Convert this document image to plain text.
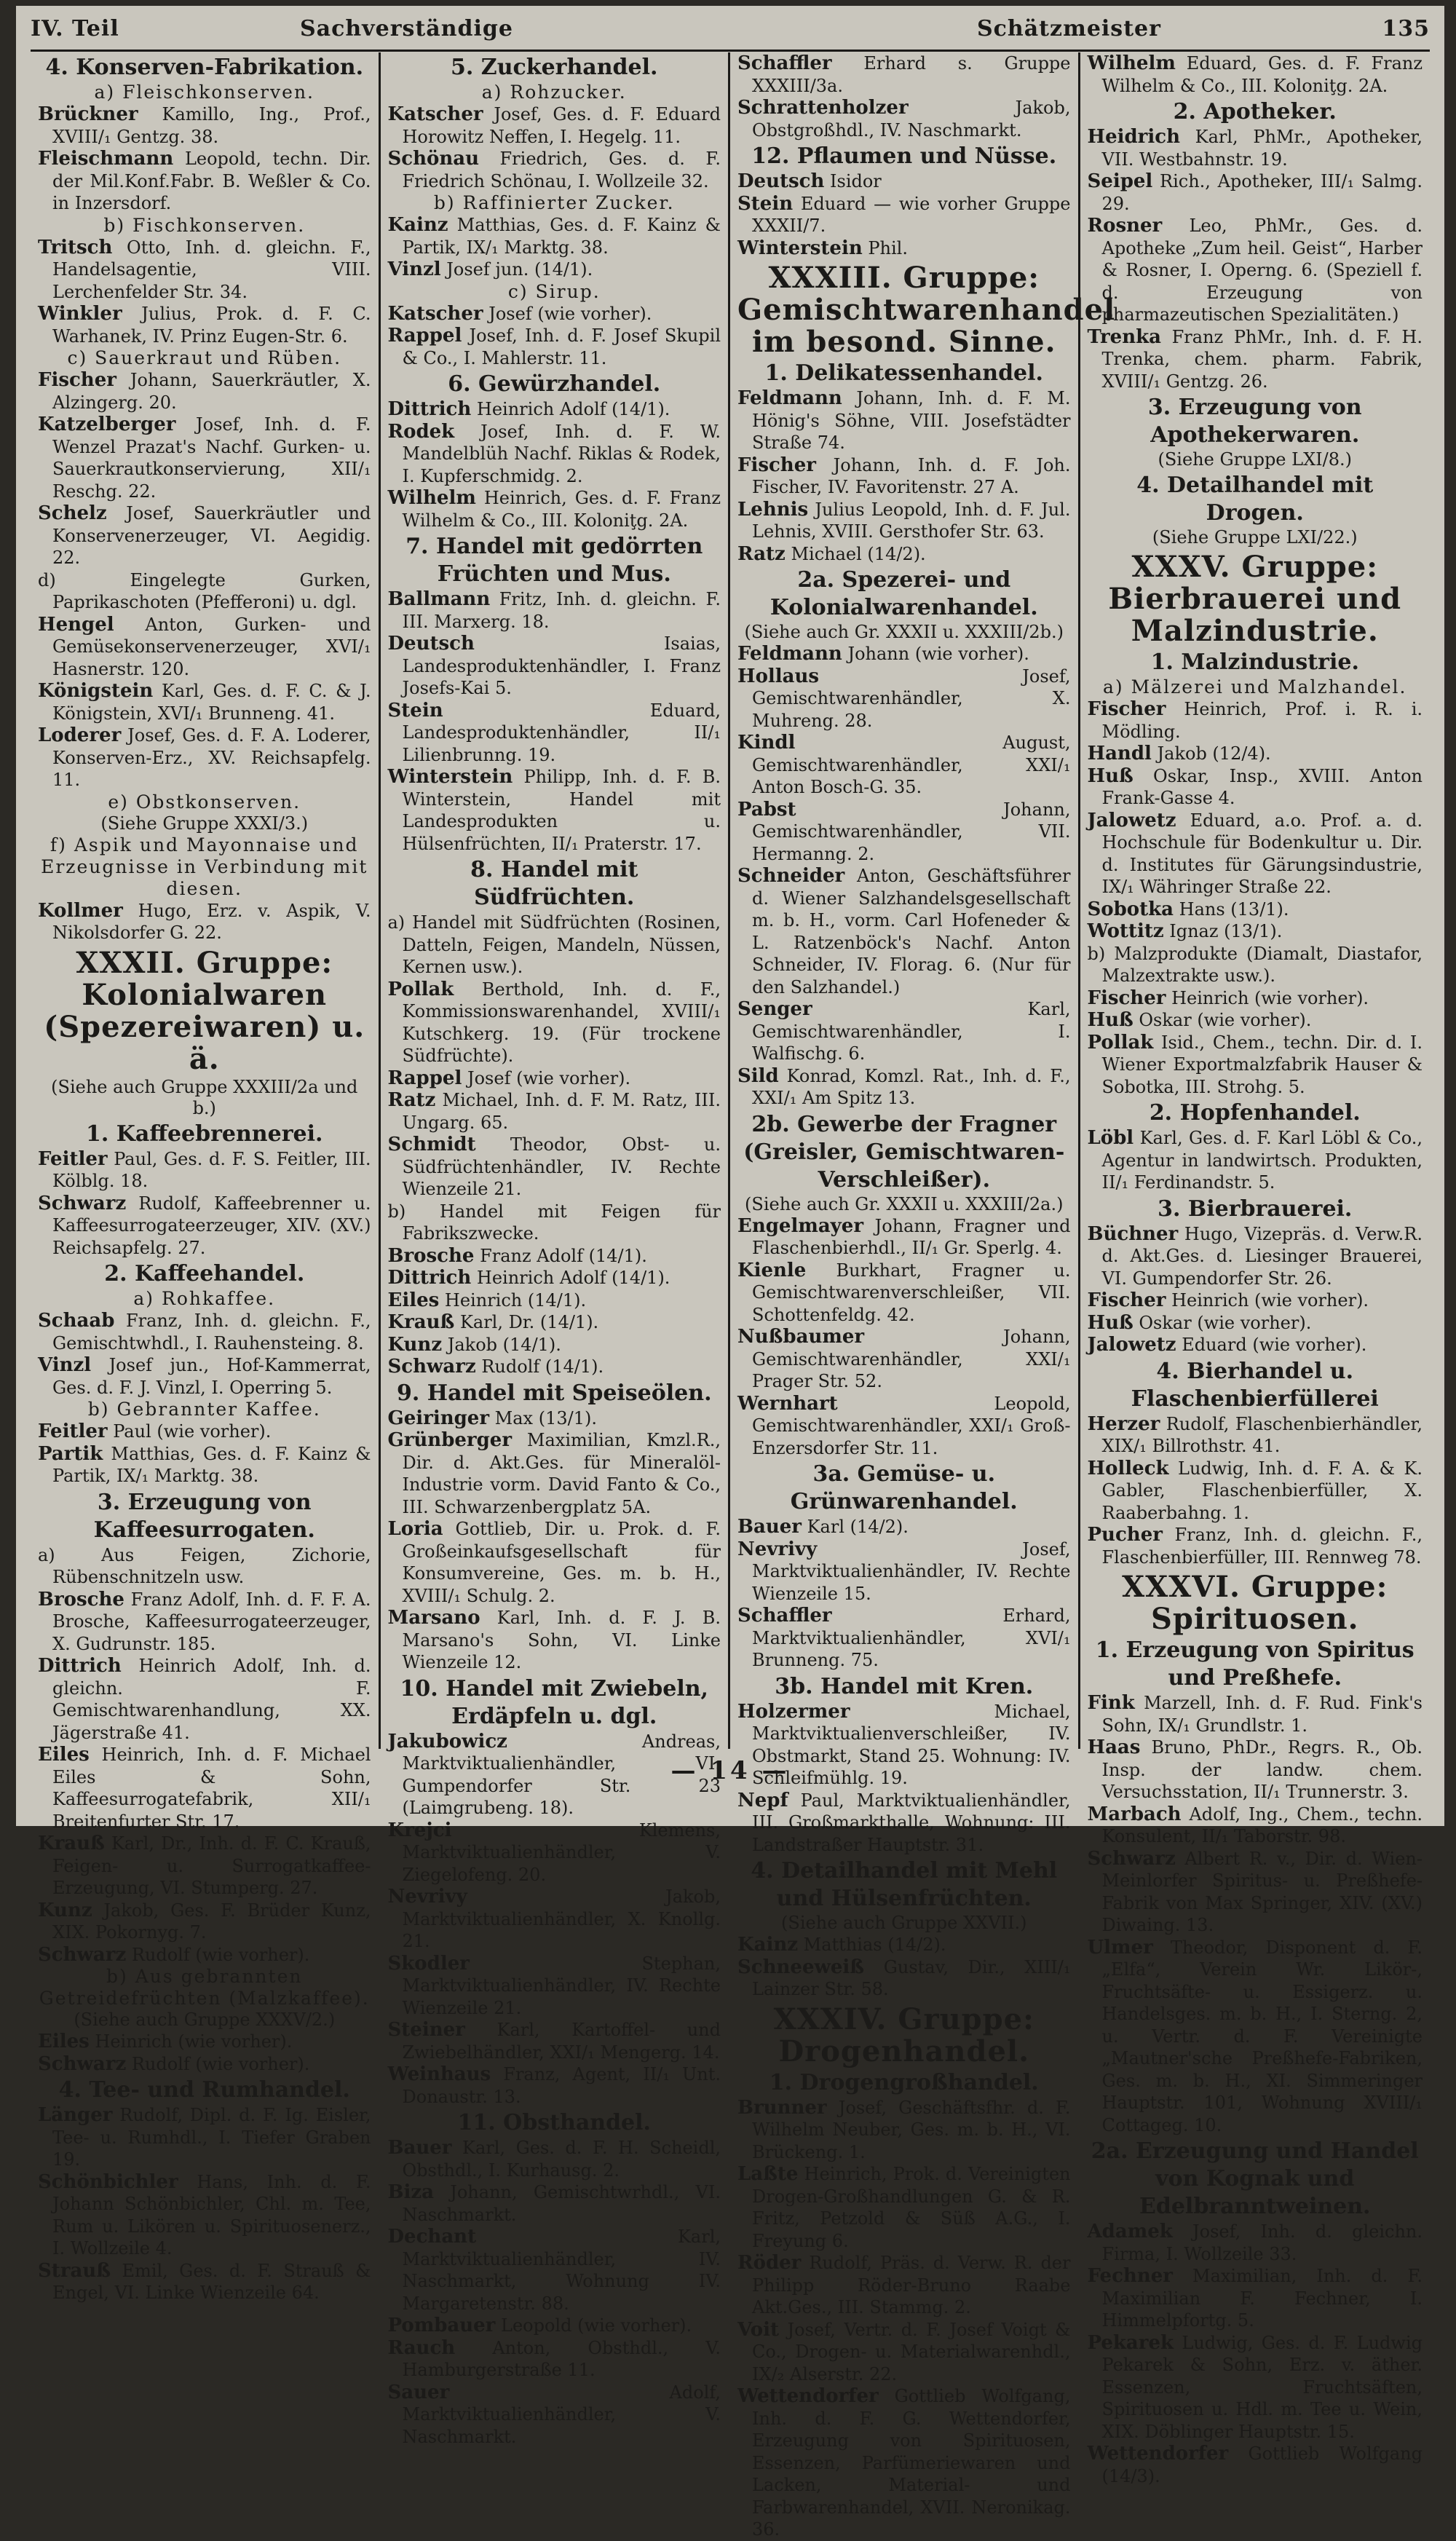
IV. Teil	Sachverständige	Schätzmeister	135
4. Konserven-Fabrikation.
a) Fleischkonserven.
Brückner Kamillo, Ing., Prof., XVIII/₁ Gentzg. 38.
Fleischmann Leopold, techn. Dir. der Mil.Konf.Fabr. B. Weßler & Co. in Inzersdorf.
b) Fischkonserven.
Tritsch Otto, Inh. d. gleichn. F., Handelsagentie, VIII. Lerchenfelder Str. 34.
Winkler Julius, Prok. d. F. C. Warhanek, IV. Prinz Eugen-Str. 6.
c) Sauerkraut und Rüben.
Fischer Johann, Sauerkräutler, X. Alzingerg. 20.
Katzelberger Josef, Inh. d. F. Wenzel Prazat's Nachf. Gurken- u. Sauerkrautkonservierung, XII/₁ Reschg. 22.
Schelz Josef, Sauerkräutler und Konservenerzeuger, VI. Aegidig. 22.
d) Eingelegte Gurken, Paprikaschoten (Pfefferoni) u. dgl.
Hengel Anton, Gurken- und Gemüsekonservenerzeuger, XVI/₁ Hasnerstr. 120.
Königstein Karl, Ges. d. F. C. & J. Königstein, XVI/₁ Brunneng. 41.
Loderer Josef, Ges. d. F. A. Loderer, Konserven-Erz., XV. Reichsapfelg. 11.
e) Obstkonserven.
(Siehe Gruppe XXXI/3.)
f) Aspik und Mayonnaise und Erzeugnisse in Verbindung mit diesen.
Kollmer Hugo, Erz. v. Aspik, V. Nikolsdorfer G. 22.
XXXII. Gruppe: Kolonialwaren (Spezereiwaren) u. ä.
(Siehe auch Gruppe XXXIII/2a und b.)
1. Kaffeebrennerei.
Feitler Paul, Ges. d. F. S. Feitler, III. Kölblg. 18.
Schwarz Rudolf, Kaffeebrenner u. Kaffeesurrogateerzeuger, XIV. (XV.) Reichsapfelg. 27.
2. Kaffeehandel.
a) Rohkaffee.
Schaab Franz, Inh. d. gleichn. F., Gemischtwhdl., I. Rauhensteing. 8.
Vinzl Josef jun., Hof-Kammerrat, Ges. d. F. J. Vinzl, I. Operring 5.
b) Gebrannter Kaffee.
Feitler Paul (wie vorher).
Partik Matthias, Ges. d. F. Kainz & Partik, IX/₁ Marktg. 38.
3. Erzeugung von Kaffeesurrogaten.
a) Aus Feigen, Zichorie, Rübenschnitzeln usw.
Brosche Franz Adolf, Inh. d. F. F. A. Brosche, Kaffeesurrogateerzeuger, X. Gudrunstr. 185.
Dittrich Heinrich Adolf, Inh. d. gleichn. F. Gemischtwarenhandlung, XX. Jägerstraße 41.
Eiles Heinrich, Inh. d. F. Michael Eiles & Sohn, Kaffeesurrogatefabrik, XII/₁ Breitenfurter Str. 17.
Krauß Karl, Dr., Inh. d. F. C. Krauß, Feigen- u. Surrogatkaffee-Erzeugung, VI. Stumperg. 27.
Kunz Jakob, Ges. F. Brüder Kunz, XIX. Pokornyg. 7.
Schwarz Rudolf (wie vorher).
b) Aus gebrannten Getreidefrüchten (Malzkaffee).
(Siehe auch Gruppe XXXV/2.)
Eiles Heinrich (wie vorher).
Schwarz Rudolf (wie vorher).
4. Tee- und Rumhandel.
Länger Rudolf, Dipl. d. F. Ig. Eisler, Tee- u. Rumhdl., I. Tiefer Graben 19.
Schönbichler Hans, Inh. d. F. Johann Schönbichler, Chl. m. Tee, Rum u. Likören u. Spirituosenerz., I. Wollzeile 4.
Strauß Emil, Ges. d. F. Strauß & Engel, VI. Linke Wienzeile 64.
5. Zuckerhandel.
a) Rohzucker.
Katscher Josef, Ges. d. F. Eduard Horowitz Neffen, I. Hegelg. 11.
Schönau Friedrich, Ges. d. F. Friedrich Schönau, I. Wollzeile 32.
b) Raffinierter Zucker.
Kainz Matthias, Ges. d. F. Kainz & Partik, IX/₁ Marktg. 38.
Vinzl Josef jun. (14/1).
c) Sirup.
Katscher Josef (wie vorher).
Rappel Josef, Inh. d. F. Josef Skupil & Co., I. Mahlerstr. 11.
6. Gewürzhandel.
Dittrich Heinrich Adolf (14/1).
Rodek Josef, Inh. d. F. W. Mandelblüh Nachf. Riklas & Rodek, I. Kupferschmidg. 2.
Wilhelm Heinrich, Ges. d. F. Franz Wilhelm & Co., III. Koloniţg. 2A.
7. Handel mit gedörrten Früchten und Mus.
Ballmann Fritz, Inh. d. gleichn. F. III. Marxerg. 18.
Deutsch	Isaias, Landesproduktenhändler, I. Franz Josefs-Kai 5.
Stein	Eduard, Landesproduktenhändler, II/₁ Lilienbrunng. 19.
Winterstein Philipp, Inh. d. F. B. Winterstein, Handel mit Landesprodukten u. Hülsenfrüchten, II/₁ Praterstr. 17.
8. Handel mit Südfrüchten.
a) Handel mit Südfrüchten (Rosinen, Datteln, Feigen, Mandeln, Nüssen, Kernen usw.).
Pollak Berthold, Inh. d. F., Kommissionswarenhandel, XVIII/₁ Kutschkerg. 19. (Für trockene Südfrüchte).
Rappel Josef (wie vorher).
Ratz Michael, Inh. d. F. M. Ratz, III. Ungarg. 65.
Schmidt Theodor, Obst- u. Südfrüchtenhändler, IV. Rechte Wienzeile 21.
b) Handel mit Feigen für Fabrikszwecke.
Brosche Franz Adolf (14/1).
Dittrich Heinrich Adolf (14/1).
Eiles Heinrich (14/1).
Krauß Karl, Dr. (14/1).
Kunz Jakob (14/1).
Schwarz Rudolf (14/1).
9. Handel mit Speiseölen.
Geiringer Max (13/1).
Grünberger Maximilian, Kmzl.R., Dir. d. Akt.Ges. für Mineralöl-Industrie vorm. David Fanto & Co., III. Schwarzenbergplatz 5A.
Loria Gottlieb, Dir. u. Prok. d. F. Großeinkaufsgesellschaft für Konsumvereine, Ges. m. b. H., XVIII/₁ Schulg. 2.
Marsano Karl, Inh. d. F. J. B. Marsano's Sohn, VI. Linke Wienzeile 12.
10. Handel mit Zwiebeln, Erdäpfeln u. dgl.
Jakubowicz	Andreas, Marktviktualienhändler, VI. Gumpendorfer Str. 23 (Laimgrubeng. 18).
Krejci	Klemens, Marktviktualienhändler, V. Ziegelofeng. 20.
Nevrivy	Jakob, Marktviktualienhändler, X. Knollg. 21.
Skodler	Stephan, Marktviktualienhändler, IV. Rechte Wienzeile 21.
Steiner Karl, Kartoffel- und Zwiebelhändler, XXI/₁ Mengerg. 14.
Weinhaus Franz, Agent, II/₁ Unt. Donaustr. 13.
11. Obsthandel.
Bauer Karl, Ges. d. F. H. Scheidl, Obsthdl., I. Kurhausg. 2.
Biza Johann, Gemischtwrhdl., VI. Naschmarkt.
Dechant	Karl, Marktviktualienhändler, IV. Naschmarkt, Wohnung IV. Margaretenstr. 88.
Pombauer Leopold (wie vorher).
Rauch Anton, Obsthdl., V. Hamburgerstraße 11.
Sauer	Adolf, Marktviktualienhändler, V. Naschmarkt.
Schaffler Erhard s. Gruppe XXXIII/3a.
Schrattenholzer	Jakob, Obstgroßhdl., IV. Naschmarkt.
12. Pflaumen und Nüsse.
Deutsch Isidor
Stein Eduard — wie vorher Gruppe XXXII/7.
Winterstein Phil.
XXXIII. Gruppe: Gemischtwarenhandel im besond. Sinne.
1. Delikatessenhandel.
Feldmann Johann, Inh. d. F. M. Hönig's Söhne, VIII. Josefstädter Straße 74.
Fischer Johann, Inh. d. F. Joh. Fischer, IV. Favoritenstr. 27 A.
Lehnis Julius Leopold, Inh. d. F. Jul. Lehnis, XVIII. Gersthofer Str. 63.
Ratz Michael (14/2).
2a. Spezerei- und Kolonialwarenhandel.
(Siehe auch Gr. XXXII u. XXXIII/2b.)
Feldmann Johann (wie vorher).
Hollaus	Josef, Gemischtwarenhändler, X. Muhreng. 28.
Kindl	August, Gemischtwarenhändler, XXI/₁ Anton Bosch-G. 35.
Pabst	Johann, Gemischtwarenhändler, VII. Hermanng. 2.
Schneider Anton, Geschäftsführer d. Wiener Salzhandelsgesellschaft m. b. H., vorm. Carl Hofeneder & L. Ratzenböck's Nachf. Anton Schneider, IV. Florag. 6. (Nur für den Salzhandel.)
Senger	Karl, Gemischtwarenhändler, I. Walfischg. 6.
Sild Konrad, Komzl. Rat., Inh. d. F., XXI/₁ Am Spitz 13.
2b. Gewerbe der Fragner (Greisler, Gemischtwaren-Verschleißer).
(Siehe auch Gr. XXXII u. XXXIII/2a.)
Engelmayer Johann, Fragner und Flaschenbierhdl., II/₁ Gr. Sperlg. 4.
Kienle Burkhart, Fragner u. Gemischtwarenverschleißer, VII. Schottenfeldg. 42.
Nußbaumer	Johann, Gemischtwarenhändler, XXI/₁ Prager Str. 52.
Wernhart	Leopold, Gemischtwarenhändler, XXI/₁ Groß-Enzersdorfer Str. 11.
3a. Gemüse- u. Grünwarenhandel.
Bauer Karl (14/2).
Nevrivy	Josef, Marktviktualienhändler, IV. Rechte Wienzeile 15.
Schaffler	Erhard, Marktviktualienhändler, XVI/₁ Brunneng. 75.
3b. Handel mit Kren.
Holzermer	Michael, Marktviktualienverschleißer, IV. Obstmarkt, Stand 25. Wohnung: IV. Schleifmühlg. 19.
Nepf Paul, Marktviktualienhändler, III. Großmarkthalle, Wohnung: III. Landstraßer Hauptstr. 31.
4. Detailhandel mit Mehl und Hülsenfrüchten.
(Siehe auch Gruppe XXVII.)
Kainz Matthias (14/2).
Schneeweiß Gustav, Dir., XIII/₁ Lainzer Str. 58.
XXXIV. Gruppe: Drogenhandel.
1. Drogengroßhandel.
Brunner Josef, Geschäftsfhr. d. F. Wilhelm Neuber, Ges. m. b. H., VI. Brückeng. 1.
Laßte Heinrich, Prok. d. Vereinigten Drogen-Großhandlungen G. & R. Fritz, Petzold & Süß A.G., I. Freyung 6.
Röder Rudolf, Präs. d. Verw. R. der Philipp Röder-Bruno Raabe Akt.Ges., III. Stammg. 2.
Voit Josef, Vertr. d. F. Josef Voigt & Co., Drogen- u. Materialwarenhdl., IX/₂ Alserstr. 22.
Wettendorfer Gottlieb Wolfgang, Inh. d. F. G. Wettendorfer, Erzeugung von Spirituosen, Essenzen, Parfümeriewaren und Lacken, Material- und Farbwarenhandel, XVII. Neronikag. 36.
Wilhelm Eduard, Ges. d. F. Franz Wilhelm & Co., III. Koloniţg. 2A.
2. Apotheker.
Heidrich Karl, PhMr., Apotheker, VII. Westbahnstr. 19.
Seipel Rich., Apotheker, III/₁ Salmg. 29.
Rosner Leo, PhMr., Ges. d. Apotheke „Zum heil. Geist“, Harber & Rosner, I. Operng. 6. (Speziell f. d. Erzeugung von pharmazeutischen Spezialitäten.)
Trenka Franz PhMr., Inh. d. F. H. Trenka, chem. pharm. Fabrik, XVIII/₁ Gentzg. 26.
3. Erzeugung von Apothekerwaren.
(Siehe Gruppe LXI/8.)
4. Detailhandel mit Drogen.
(Siehe Gruppe LXI/22.)
XXXV. Gruppe: Bierbrauerei und Malzindustrie.
1. Malzindustrie.
a) Mälzerei und Malzhandel.
Fischer Heinrich, Prof. i. R. i. Mödling.
Handl Jakob (12/4).
Huß Oskar, Insp., XVIII. Anton Frank-Gasse 4.
Jalowetz Eduard, a.o. Prof. a. d. Hochschule für Bodenkultur u. Dir. d. Institutes für Gärungsindustrie, IX/₁ Währinger Straße 22.
Sobotka Hans (13/1).
Wottitz Ignaz (13/1).
b) Malzprodukte (Diamalt, Diastafor, Malzextrakte usw.).
Fischer Heinrich (wie vorher).
Huß Oskar (wie vorher).
Pollak Isid., Chem., techn. Dir. d. I. Wiener Exportmalzfabrik Hauser & Sobotka, III. Strohg. 5.
2. Hopfenhandel.
Löbl Karl, Ges. d. F. Karl Löbl & Co., Agentur in landwirtsch. Produkten, II/₁ Ferdinandstr. 5.
3. Bierbrauerei.
Büchner Hugo, Vizepräs. d. Verw.R. d. Akt.Ges. d. Liesinger Brauerei, VI. Gumpendorfer Str. 26.
Fischer Heinrich (wie vorher).
Huß Oskar (wie vorher).
Jalowetz Eduard (wie vorher).
4. Bierhandel u. Flaschenbierfüllerei
Herzer Rudolf, Flaschenbierhändler, XIX/₁ Billrothstr. 41.
Holleck Ludwig, Inh. d. F. A. & K. Gabler, Flaschenbierfüller, X. Raaberbahng. 1.
Pucher Franz, Inh. d. gleichn. F., Flaschenbierfüller, III. Rennweg 78.
XXXVI. Gruppe: Spirituosen.
1. Erzeugung von Spiritus und Preßhefe.
Fink Marzell, Inh. d. F. Rud. Fink's Sohn, IX/₁ Grundlstr. 1.
Haas Bruno, PhDr., Regrs. R., Ob. Insp. der landw. chem. Versuchsstation, II/₁ Trunnerstr. 3.
Marbach Adolf, Ing., Chem., techn. Konsulent, II/₁ Taborstr. 98.
Schwarz Albert R. v., Dir. d. Wien-Meinlorfer Spiritus- u. Preßhefe-Fabrik von Max Springer, XIV. (XV.) Diwaing. 13.
Ulmer Theodor, Disponent d. F. „Elfa“, Verein Wr. Likör-, Fruchtsäfte- u. Essigerz. u. Handelsges. m. b. H., I. Sterng. 2, u. Vertr. d. F. Vereinigte „Mautner'sche Preßhefe-Fabriken, Ges. m. b. H., XI. Simmeringer Hauptstr. 101, Wohnung XVIII/₁ Cottageg. 10.
2a. Erzeugung und Handel von Kognak und Edelbranntweinen.
Adamek Josef, Inh. d. gleichn. Firma, I. Wollzeile 33.
Fechner Maximilian, Inh. d. F. Maximilian F. Fechner, I. Himmelpfortg. 5.
Pekarek Ludwig, Ges. d. F. Ludwig Pekarek & Sohn, Erz. v. äther. Essenzen, Fruchtsäften, Spirituosen u. Hdl. m. Tee u. Wein, XIX. Döblinger Hauptstr. 15.
Wettendorfer Gottlieb Wolfgang (14/3).
— 14 —
